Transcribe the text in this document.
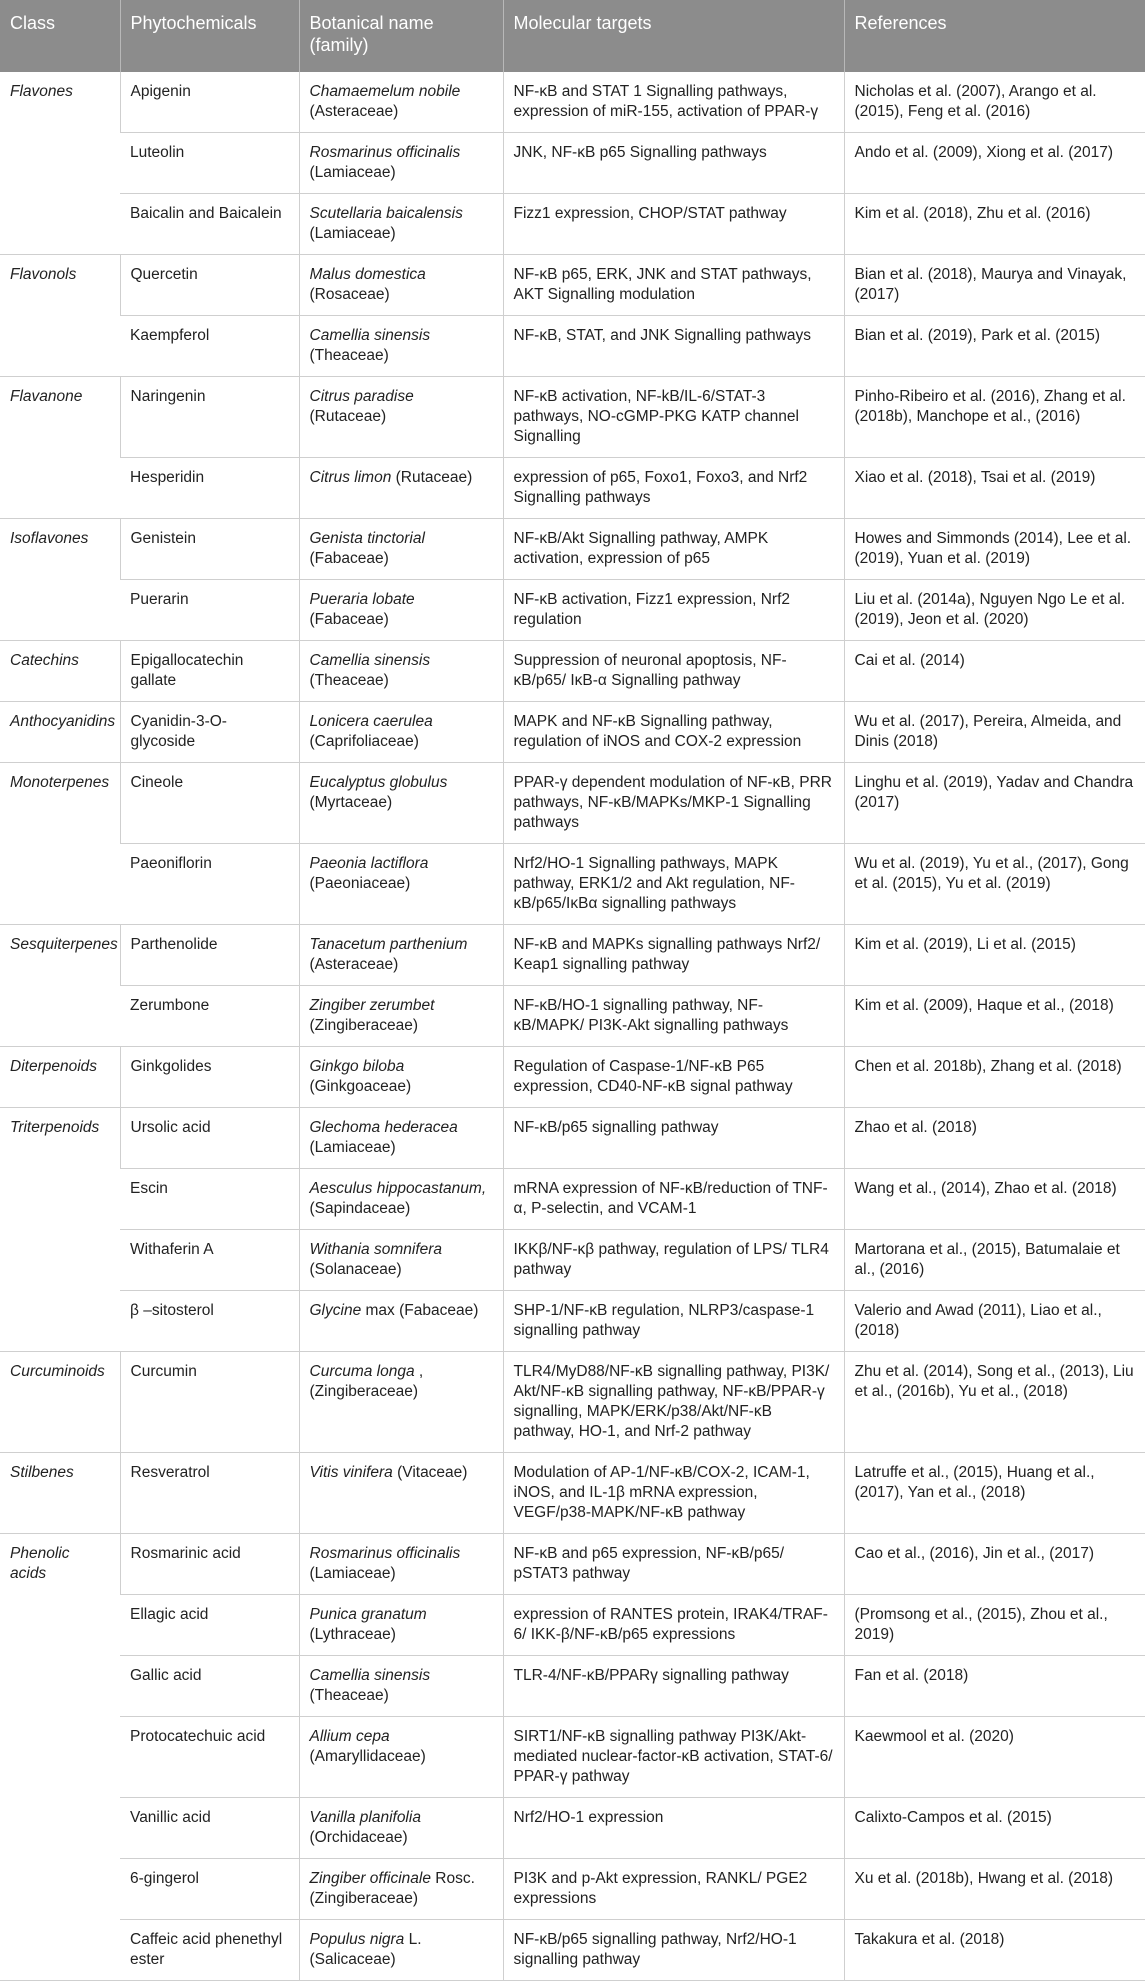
Class	Phytochemicals	Botanical name (family)	Molecular targets	References
Flavones	Apigenin	Chamaemelum nobile (Asteraceae)	NF-κB and STAT 1 Signalling pathways, expression of miR-155, activation of PPAR-γ	Nicholas et al. (2007), Arango et al. (2015), Feng et al. (2016)
	Luteolin	Rosmarinus officinalis (Lamiaceae)	JNK, NF-κB p65 Signalling pathways	Ando et al. (2009), Xiong et al. (2017)
	Baicalin and Baicalein	Scutellaria baicalensis (Lamiaceae)	Fizz1 expression, CHOP/STAT pathway	Kim et al. (2018), Zhu et al. (2016)
Flavonols	Quercetin	Malus domestica (Rosaceae)	NF-κB p65, ERK, JNK and STAT pathways, AKT Signalling modulation	Bian et al. (2018), Maurya and Vinayak, (2017)
	Kaempferol	Camellia sinensis (Theaceae)	NF-κB, STAT, and JNK Signalling pathways	Bian et al. (2019), Park et al. (2015)
Flavanone	Naringenin	Citrus paradise (Rutaceae)	NF-κB activation, NF-kB/IL-6/STAT-3 pathways, NO-cGMP-PKG KATP channel Signalling	Pinho-Ribeiro et al. (2016), Zhang et al. (2018b), Manchope et al., (2016)
	Hesperidin	Citrus limon (Rutaceae)	expression of p65, Foxo1, Foxo3, and Nrf2 Signalling pathways	Xiao et al. (2018), Tsai et al. (2019)
Isoflavones	Genistein	Genista tinctorial (Fabaceae)	NF-κB/Akt Signalling pathway, AMPK activation, expression of p65	Howes and Simmonds (2014), Lee et al. (2019), Yuan et al. (2019)
	Puerarin	Pueraria lobate (Fabaceae)	NF-κB activation, Fizz1 expression, Nrf2 regulation	Liu et al. (2014a), Nguyen Ngo Le et al. (2019), Jeon et al. (2020)
Catechins	Epigallocatechin gallate	Camellia sinensis (Theaceae)	Suppression of neuronal apoptosis, NF-κB/p65/ IκB-α Signalling pathway	Cai et al. (2014)
Anthocyanidins	Cyanidin-3-O-glycoside	Lonicera caerulea (Caprifoliaceae)	MAPK and NF-κB Signalling pathway, regulation of iNOS and COX-2 expression	Wu et al. (2017), Pereira, Almeida, and Dinis (2018)
Monoterpenes	Cineole	Eucalyptus globulus (Myrtaceae)	PPAR-γ dependent modulation of NF-κB, PRR pathways, NF-κB/MAPKs/MKP-1 Signalling pathways	Linghu et al. (2019), Yadav and Chandra (2017)
	Paeoniflorin	Paeonia lactiflora (Paeoniaceae)	Nrf2/HO-1 Signalling pathways, MAPK pathway, ERK1/2 and Akt regulation, NF-κB/p65/IκBα signalling pathways	Wu et al. (2019), Yu et al., (2017), Gong et al. (2015), Yu et al. (2019)
Sesquiterpenes	Parthenolide	Tanacetum parthenium (Asteraceae)	NF-κB and MAPKs signalling pathways Nrf2/ Keap1 signalling pathway	Kim et al. (2019), Li et al. (2015)
	Zerumbone	Zingiber zerumbet (Zingiberaceae)	NF-κB/HO-1 signalling pathway, NF-κB/MAPK/ PI3K-Akt signalling pathways	Kim et al. (2009), Haque et al., (2018)
Diterpenoids	Ginkgolides	Ginkgo biloba (Ginkgoaceae)	Regulation of Caspase-1/NF-κB P65 expression, CD40-NF-κB signal pathway	Chen et al. 2018b), Zhang et al. (2018)
Triterpenoids	Ursolic acid	Glechoma hederacea (Lamiaceae)	NF-κB/p65 signalling pathway	Zhao et al. (2018)
	Escin	Aesculus hippocastanum, (Sapindaceae)	mRNA expression of NF-κB/reduction of TNF-α, P-selectin, and VCAM-1	Wang et al., (2014), Zhao et al. (2018)
	Withaferin A	Withania somnifera (Solanaceae)	IKKβ/NF-κβ pathway, regulation of LPS/ TLR4 pathway	Martorana et al., (2015), Batumalaie et al., (2016)
	β –sitosterol	Glycine max (Fabaceae)	SHP-1/NF-κB regulation, NLRP3/caspase-1 signalling pathway	Valerio and Awad (2011), Liao et al., (2018)
Curcuminoids	Curcumin	Curcuma longa , (Zingiberaceae)	TLR4/MyD88/NF-κB signalling pathway, PI3K/ Akt/NF-κB signalling pathway, NF-κB/PPAR-γ signalling, MAPK/ERK/p38/Akt/NF-κB pathway, HO-1, and Nrf-2 pathway	Zhu et al. (2014), Song et al., (2013), Liu et al., (2016b), Yu et al., (2018)
Stilbenes	Resveratrol	Vitis vinifera (Vitaceae)	Modulation of AP-1/NF-κB/COX-2, ICAM-1, iNOS, and IL-1β mRNA expression, VEGF/p38-MAPK/NF-κB pathway	Latruffe et al., (2015), Huang et al., (2017), Yan et al., (2018)
Phenolic acids	Rosmarinic acid	Rosmarinus officinalis (Lamiaceae)	NF-κB and p65 expression, NF-κB/p65/ pSTAT3 pathway	Cao et al., (2016), Jin et al., (2017)
	Ellagic acid	Punica granatum (Lythraceae)	expression of RANTES protein, IRAK4/TRAF-6/ IKK-β/NF-κB/p65 expressions	(Promsong et al., (2015), Zhou et al., 2019)
	Gallic acid	Camellia sinensis (Theaceae)	TLR-4/NF-κB/PPARγ signalling pathway	Fan et al. (2018)
	Protocatechuic acid	Allium cepa (Amaryllidaceae)	SIRT1/NF-κB signalling pathway PI3K/Akt-mediated nuclear-factor-κB activation, STAT-6/ PPAR-γ pathway	Kaewmool et al. (2020)
	Vanillic acid	Vanilla planifolia (Orchidaceae)	Nrf2/HO-1 expression	Calixto-Campos et al. (2015)
	6-gingerol	Zingiber officinale Rosc. (Zingiberaceae)	PI3K and p-Akt expression, RANKL/ PGE2 expressions	Xu et al. (2018b), Hwang et al. (2018)
	Caffeic acid phenethyl ester	Populus nigra L. (Salicaceae)	NF-κB/p65 signalling pathway, Nrf2/HO-1 signalling pathway	Takakura et al. (2018)
